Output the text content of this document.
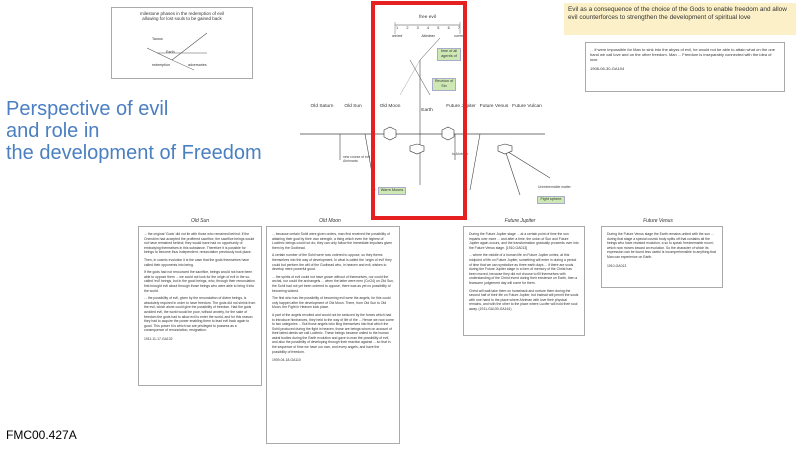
Perspective of evil
and role in
the development of Freedom
FMC00.427A
milestone phases in the redemption of evil
allowing for lost souls to be gained back
Taurus
Earth
redemption	adversaries
Evil as a consequence of the choice of the Gods to enable freedom and allow evil counterforces to strengthen the development of spiritual love
. . if were impossible for Man to sink into the abyss of evil, he would not be able to attain what on the one hand we call love and on the other freedom. Man ... Freedom is inseparably connected with the idea of love.
1908-06-30-GA104
free evil
1 2 3 4 5 6 7
ancient	Atlantean	current
time of all agents of
Reunion of Sin
Warm Moons
Fight sphere
new course of evil Ahrimanic
to Ahriman
Unredeemable matter
Old Saturn	Old Sun	Old Moon
Earth
Future Jupiter Future Venus Future Vulcan
Old Sun	Old Moon	Future Jupiter	Future Venus

... the original 'Gods' did not lie with those who remained behind. If the Cherubim had accepted the proffered sacrifice, the sacrifice beings would not have remained behind; they would have had no opportunity of embodying themselves in this substance. Therefore it is possible for beings to become thus independent, renunciation previously took place.

Then, in cosmic evolution it is the case that the gods themselves have called their opponents into being.

If the gods had not renounced the sacrifice, beings would not have been able to oppose them ... we could not look for the origin of evil in the so-called 'evil' beings, but in the good beings, who, through their renunciation first brought evil about through those beings who were able to bring it into the world.

... the possibility of evil, given by the renunciation of divine beings, is absolutely required in order to have freedom. The gods did not shrink from the evil, which alone could give the possibility of freedom. Had the gods avoided evil, the world would be poor, without anxiety, for the sake of freedom the gods had to allow evil to enter the world, and for this reason they had to acquire the power enabling them to lead evil back again to good. This power it is which we are privileged to possess as a consequence of renunciation, resignation.

1911-11-17-GA132

... because certain Sohil were given orders, man first received the possibility of attaining their goal by their own strength, a thing which even the highest of Luciferic beings could not do; they can only follow the immediate impulses given them by the Godhead.

A certain number of the Sohil were now ordered to oppose, so they thems themselves into the way of development. In what is called the 'origin of evil' they could but perform the will of the Godhead who, in heaven and evil, wishes to develop mere powerful good.

... the spirits of evil could not have grown without of themselves, nor could the archai, nor could the archangels ... when the latter were men (CoO4) on Old Sun, the Sohil had not yet been ordered to oppose, there was as yet no possibility of becoming wicked.

The first who has the possibility of becoming evil were the angels, for this could only happen after the development of Old Moon. There, from Old Sun to Old Moon, the Fight in Heaven took place.

A part of the angels revolted and would not be seduced by the forces which had to introduce hindrances, they held to the way of life of the ... Hence we now come to two categories ... But those angels who fling themselves into that which the Sohil produced during the fight in heaven, those are beings whom on account of their latest deeds we call Luciferic. These beings became united to the human astral bodies during the Earth evolution and gave to man the possibility of evil, and also the possibility of developing through their reaction against ... so that in the sequence of time we have our own, and every angels, and have the possibility of freedom.

1909-04-18-GA110

During the Future Jupiter stage ... at a certain point of time the sun imparts over more ... and after a time, the union of Sun and Future Jupiter again occurs, and the transformation gradually proceeds over into the Future Venus stage. [1910-GA013]

... where the middle of a human life on Future Jupiter unites, at this midpoint of life on Future Jupiter, something will enter in during a period of time that we can symbolize as three earth days ... if there are souls during the Future Jupiter stage in a form of memory of the Christ has been moved, because they did not choose to fill themselves with understanding of the Christ event during their existence on Earth, then a fearsome judgement day will come for them.

Christ will wait take them on horseback and nurture them during the second half of their life on Future Jupiter, but instead will permit the souls with one hand to the place where Ahriman with love their physical remains, and with the other to the place where Lucifer will hold their soul away. (1911-GA130-GA161)

During the Future Venus stage the Earth remains united with the sun ... during that stage a special cosmic body splits off that contains all the beings who have resisted evolution, a so to speak 'irredeemable moon', which now moves toward an evolution. So the character of which its expression can be found less useful is incomprehensible to anything that Man can experience on Earth.

1910-GA013
